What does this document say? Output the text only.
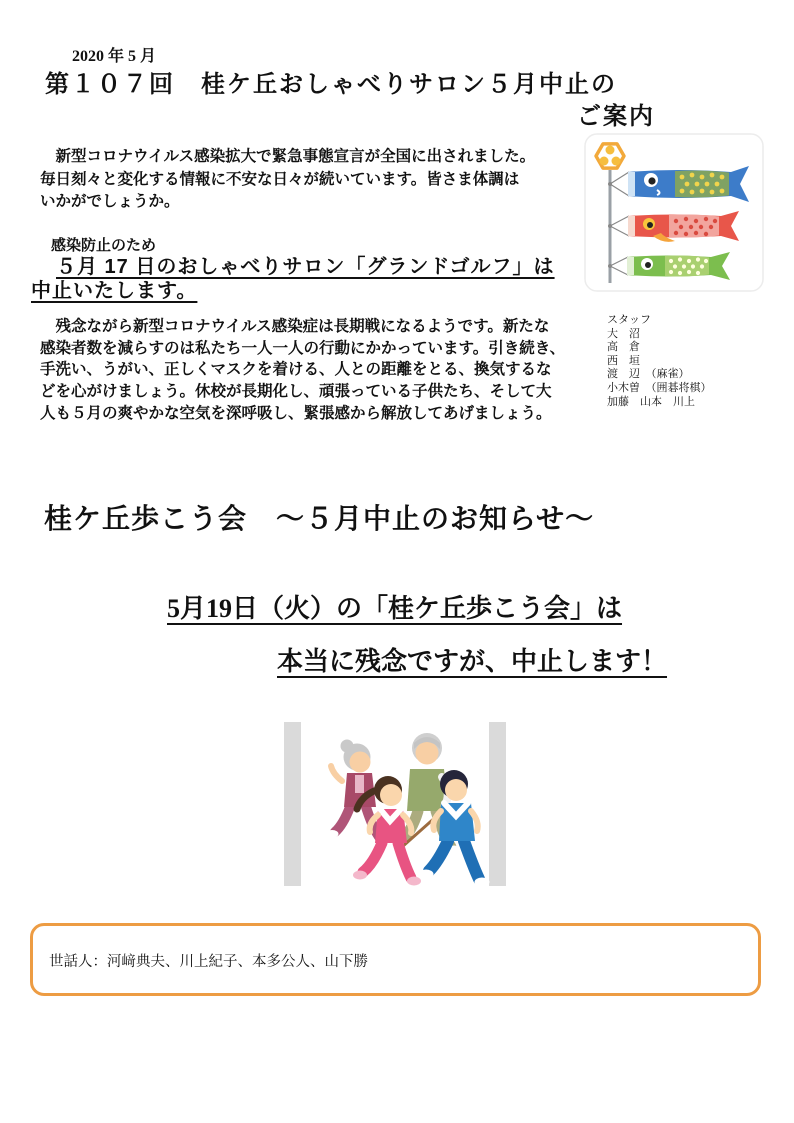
2020 年 5 月
第１０７回　桂ケ丘おしゃべりサロン５月中止の
ご案内
　新型コロナウイルス感染拡大で緊急事態宣言が全国に出されました。
毎日刻々と変化する情報に不安な日々が続いています。皆さま体調は
いかがでしょうか。
感染防止のため
５月 17 日のおしゃべりサロン「グランドゴルフ」は
中止いたします。
　残念ながら新型コロナウイルス感染症は長期戦になるようです。新たな
感染者数を減らすのは私たち一人一人の行動にかかっています。引き続き、
手洗い、うがい、正しくマスクを着ける、人との距離をとる、換気するな
どを心がけましょう。休校が長期化し、頑張っている子供たち、そして大
人も５月の爽やかな空気を深呼吸し、緊張感から解放してあげましょう。
スタッフ
大　沼
高　倉
西　垣
渡　辺　（麻雀）
小木曽　（囲碁将棋）
加藤　山本　川上
桂ケ丘歩こう会　～５月中止のお知らせ～
5月19日（火）の「桂ケ丘歩こう会」は
本当に残念ですが、中止します！
世話人：河﨑典夫、川上紀子、本多公人、山下勝
